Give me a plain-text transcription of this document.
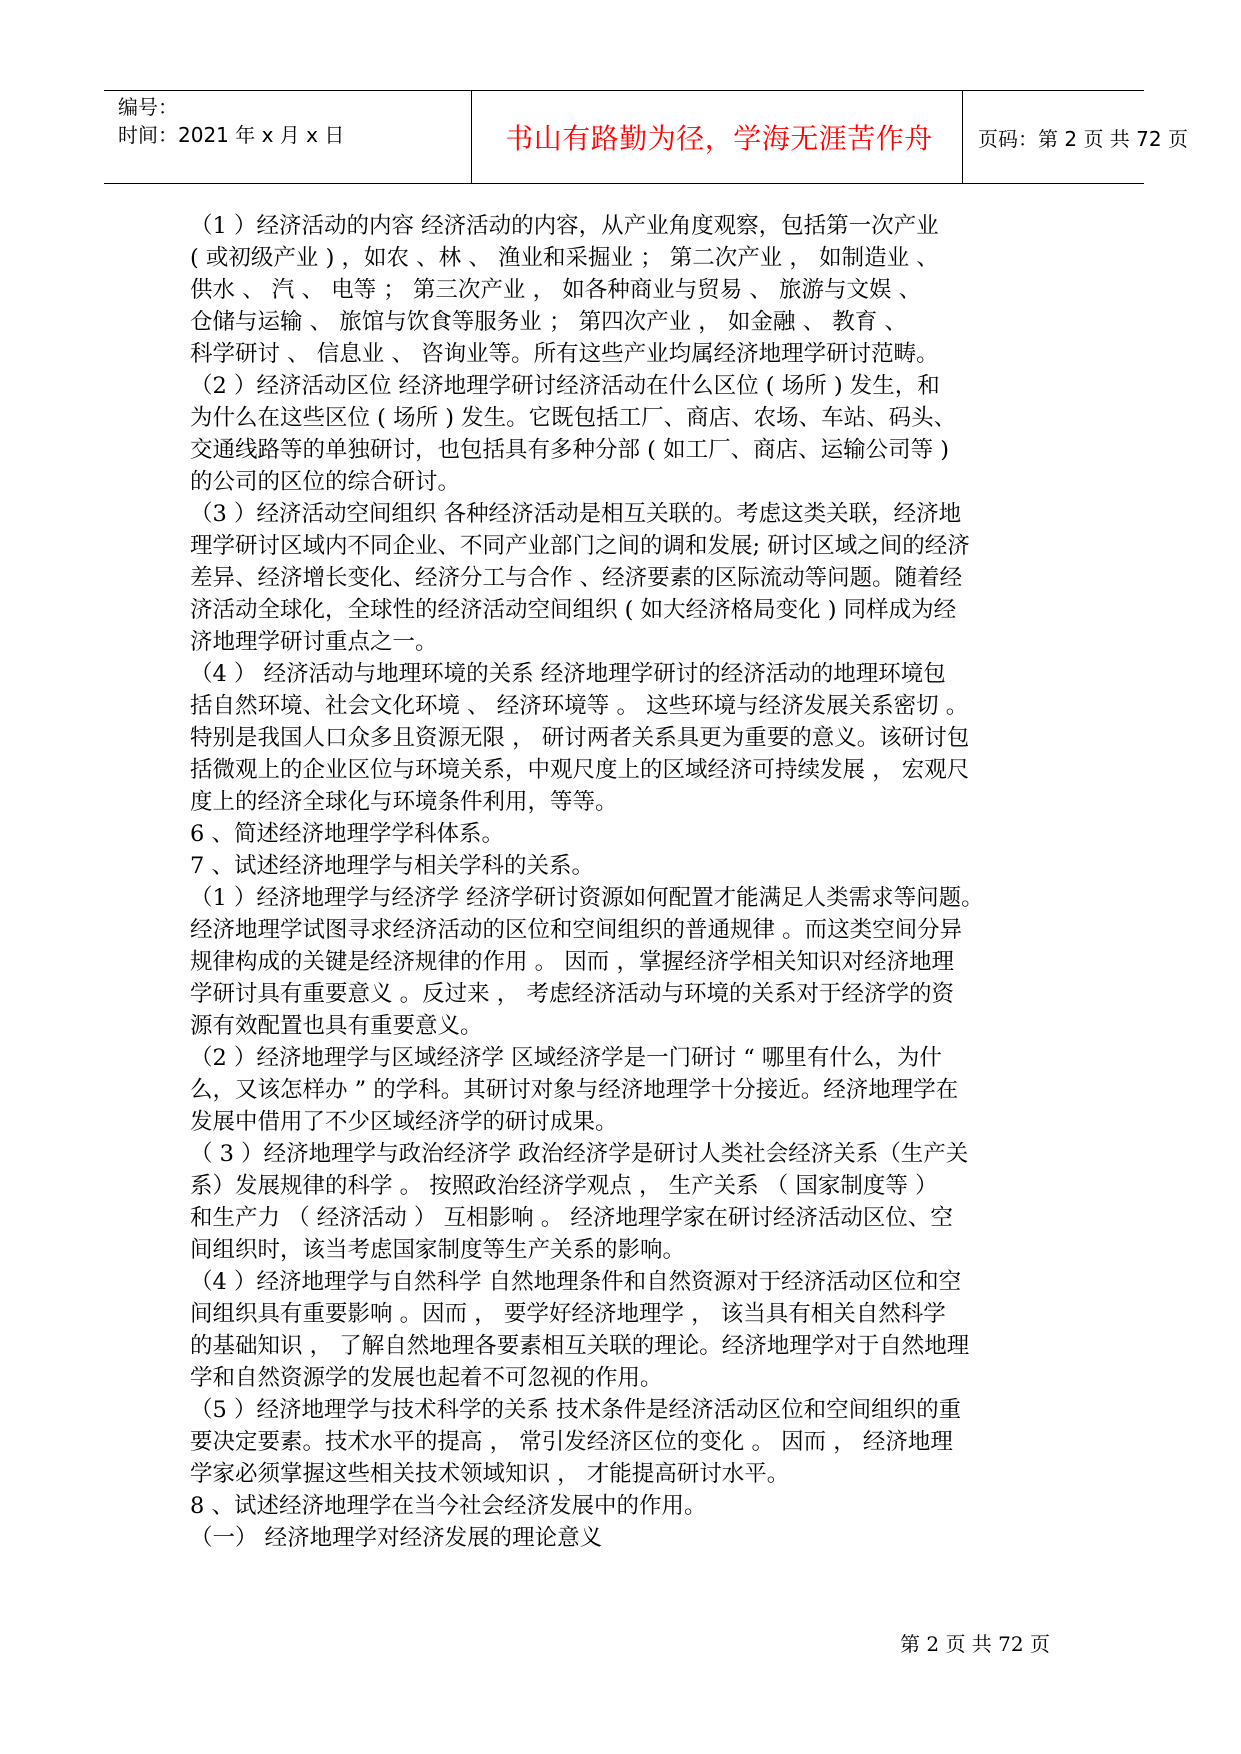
编号：
时间：2021 年 x 月 x 日	书山有路勤为径，学海无涯苦作舟	页码：第 2 页 共 72 页

（1 ）经济活动的内容 经济活动的内容，从产业角度观察，包括第一次产业

( 或初级产业 ) ，如农 、林 、 渔业和采掘业 ； 第二次产业 ， 如制造业 、

供水 、 汽 、 电等 ； 第三次产业 ， 如各种商业与贸易 、 旅游与文娱 、

仓储与运输 、 旅馆与饮食等服务业 ； 第四次产业 ， 如金融 、 教育 、

科学研讨 、 信息业 、 咨询业等。所有这些产业均属经济地理学研讨范畴。

（2 ）经济活动区位 经济地理学研讨经济活动在什么区位 ( 场所 ) 发生，和

为什么在这些区位 ( 场所 ) 发生。它既包括工厂、商店、农场、车站、码头、

交通线路等的单独研讨，也包括具有多种分部 ( 如工厂、商店、运输公司等 )

的公司的区位的综合研讨。

（3 ）经济活动空间组织 各种经济活动是相互关联的。考虑这类关联，经济地

理学研讨区域内不同企业、不同产业部门之间的调和发展; 研讨区域之间的经济

差异、经济增长变化、经济分工与合作 、经济要素的区际流动等问题。随着经

济活动全球化，全球性的经济活动空间组织 ( 如大经济格局变化 ) 同样成为经

济地理学研讨重点之一。

（4 ） 经济活动与地理环境的关系 经济地理学研讨的经济活动的地理环境包

括自然环境、社会文化环境 、 经济环境等 。 这些环境与经济发展关系密切 。

特别是我国人口众多且资源无限 ， 研讨两者关系具更为重要的意义。该研讨包

括微观上的企业区位与环境关系，中观尺度上的区域经济可持续发展 ， 宏观尺

度上的经济全球化与环境条件利用，等等。

6 、简述经济地理学学科体系。

7 、试述经济地理学与相关学科的关系。

（1 ）经济地理学与经济学 经济学研讨资源如何配置才能满足人类需求等问题。

经济地理学试图寻求经济活动的区位和空间组织的普通规律 。而这类空间分异

规律构成的关键是经济规律的作用 。 因而 ，掌握经济学相关知识对经济地理

学研讨具有重要意义 。反过来 ， 考虑经济活动与环境的关系对于经济学的资

源有效配置也具有重要意义。

（2 ）经济地理学与区域经济学 区域经济学是一门研讨 “ 哪里有什么，为什

么，又该怎样办 ” 的学科。其研讨对象与经济地理学十分接近。经济地理学在

发展中借用了不少区域经济学的研讨成果。

（ 3 ）经济地理学与政治经济学 政治经济学是研讨人类社会经济关系（生产关

系）发展规律的科学 。 按照政治经济学观点 ， 生产关系 （ 国家制度等 ）

和生产力 （ 经济活动 ） 互相影响 。 经济地理学家在研讨经济活动区位、空

间组织时，该当考虑国家制度等生产关系的影响。

（4 ）经济地理学与自然科学 自然地理条件和自然资源对于经济活动区位和空

间组织具有重要影响 。因而 ， 要学好经济地理学 ， 该当具有相关自然科学

的基础知识 ， 了解自然地理各要素相互关联的理论。经济地理学对于自然地理

学和自然资源学的发展也起着不可忽视的作用。

（5 ）经济地理学与技术科学的关系 技术条件是经济活动区位和空间组织的重

要决定要素。技术水平的提高 ， 常引发经济区位的变化 。 因而 ， 经济地理

学家必须掌握这些相关技术领域知识 ， 才能提高研讨水平。

8 、试述经济地理学在当今社会经济发展中的作用。

（一） 经济地理学对经济发展的理论意义

第 2 页 共 72 页
